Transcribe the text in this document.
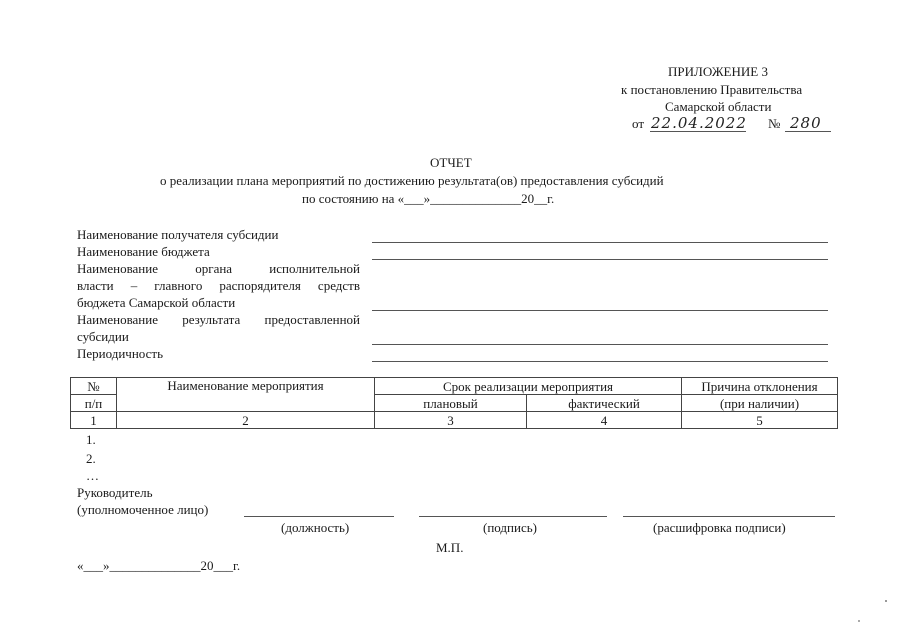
ПРИЛОЖЕНИЕ 3
к постановлению Правительства
Самарской области
от 22.04.2022 № 280
ОТЧЕТ
о реализации плана мероприятий по достижению результата(ов) предоставления субсидий
по состоянию на «___»______________20__г.
Наименование получателя субсидии
Наименование бюджета
Наименование органа исполнительной
власти – главного распорядителя средств
бюджета Самарской области
Наименование результата предоставленной
субсидии
Периодичность
№	Наименование мероприятия	Срок реализации мероприятия		Причина отклонения
п/п		плановый	фактический	(при наличии)
1	2	3	4	5
1.
2.
…
Руководитель
(уполномоченное лицо)
(должность)	(подпись)	(расшифровка подписи)
М.П.
«___»______________20___г.
